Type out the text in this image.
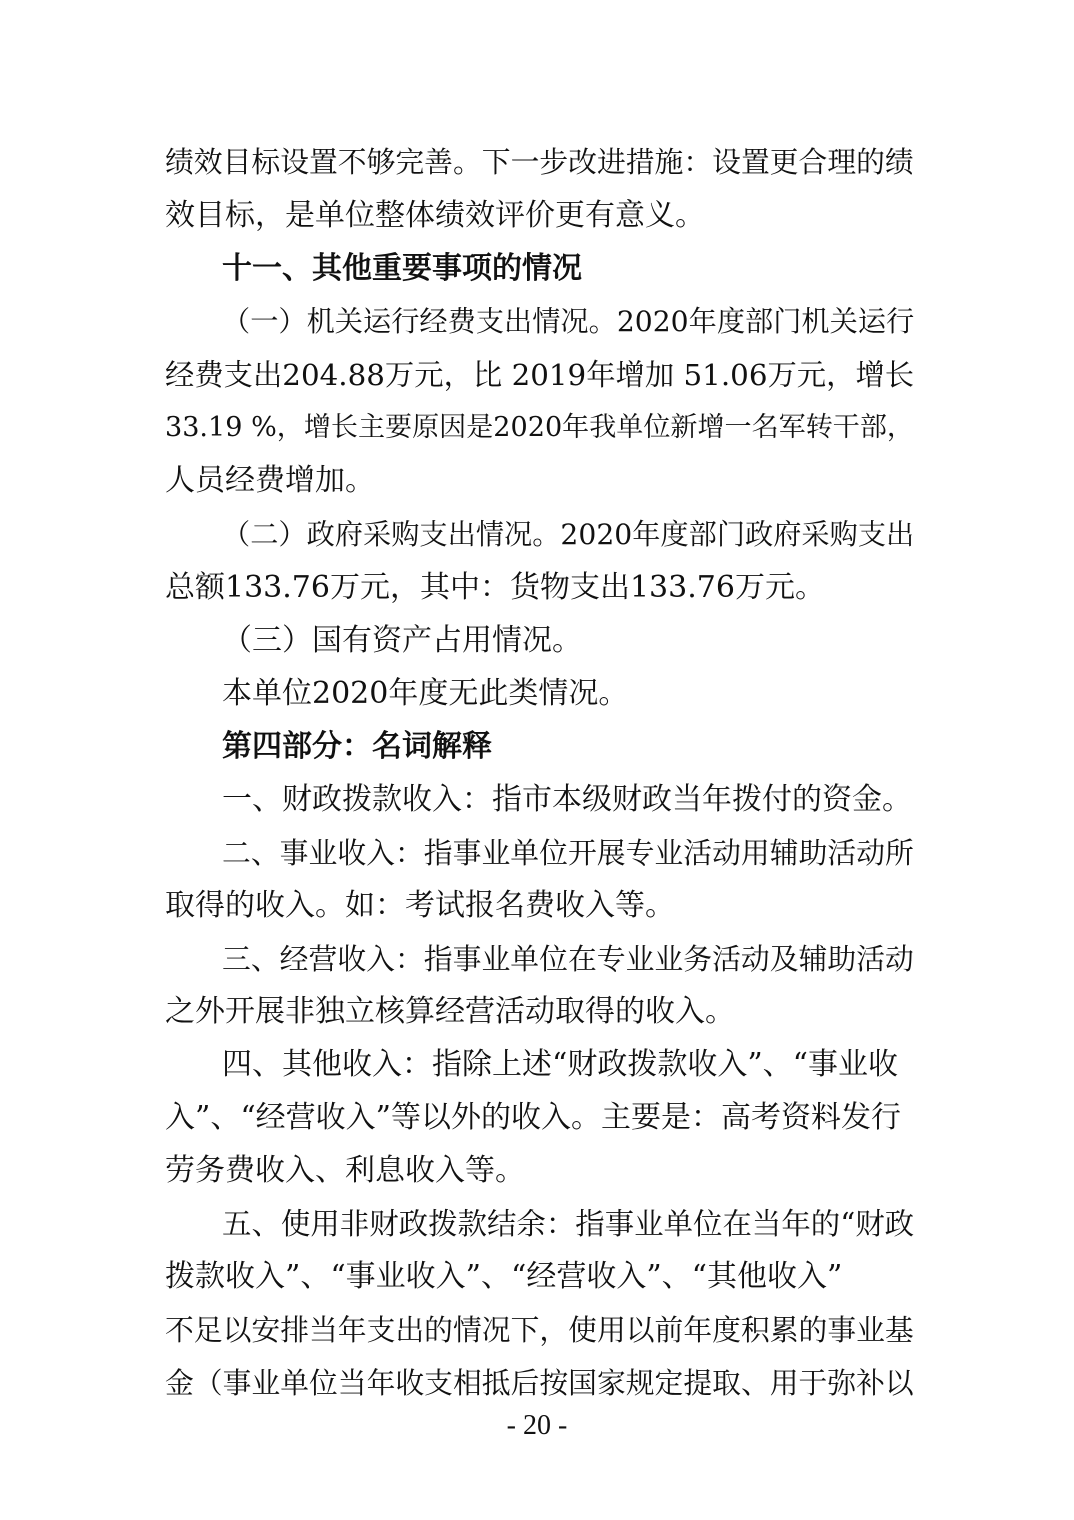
绩效目标设置不够完善。下一步改进措施：设置更合理的绩
效目标，是单位整体绩效评价更有意义。
十一、其他重要事项的情况
（一）机关运行经费支出情况。2020年度部门机关运行
经费支出204.88万元，比 2019年增加 51.06万元，增长
33.19 %，增长主要原因是2020年我单位新增一名军转干部，
人员经费增加。
（二）政府采购支出情况。2020年度部门政府采购支出
总额133.76万元，其中：货物支出133.76万元。
（三）国有资产占用情况。
本单位2020年度无此类情况。
第四部分：名词解释
一、财政拨款收入：指市本级财政当年拨付的资金。
二、事业收入：指事业单位开展专业活动用辅助活动所
取得的收入。如：考试报名费收入等。
三、经营收入：指事业单位在专业业务活动及辅助活动
之外开展非独立核算经营活动取得的收入。
四、其他收入：指除上述“财政拨款收入”、“事业收
入”、“经营收入”等以外的收入。主要是：高考资料发行
劳务费收入、利息收入等。
五、使用非财政拨款结余：指事业单位在当年的“财政
拨款收入”、“事业收入”、“经营收入”、“其他收入”
不足以安排当年支出的情况下，使用以前年度积累的事业基
金（事业单位当年收支相抵后按国家规定提取、用于弥补以
- 20 -
